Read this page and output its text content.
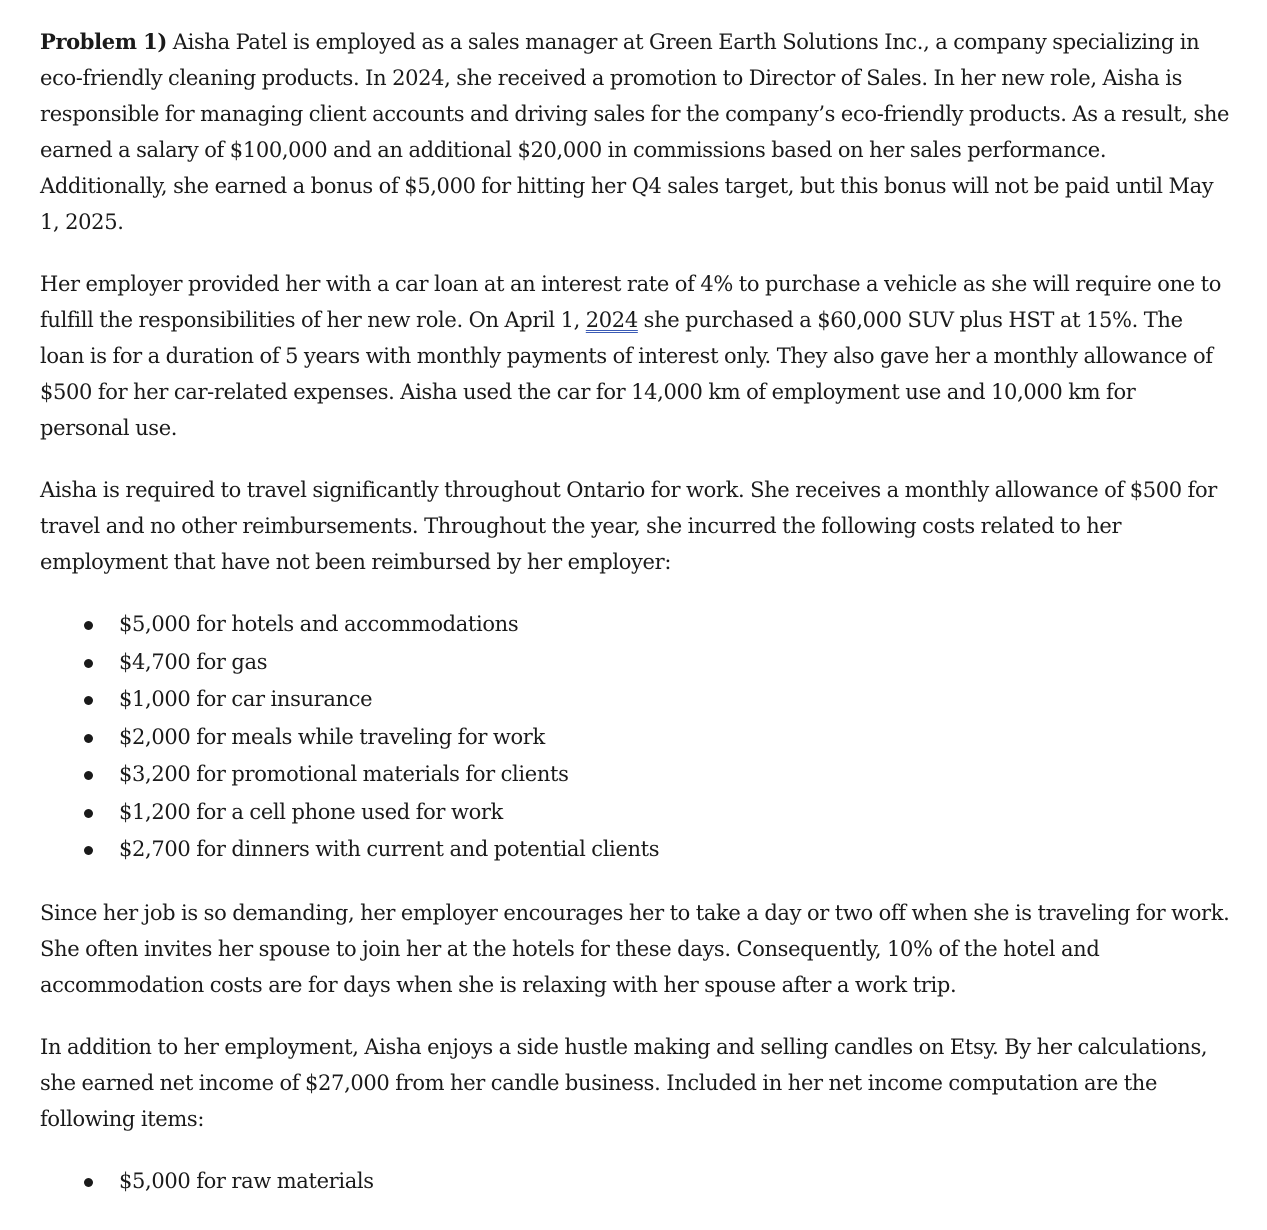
Problem 1) Aisha Patel is employed as a sales manager at Green Earth Solutions Inc., a company specializing in eco-friendly cleaning products. In 2024, she received a promotion to Director of Sales. In her new role, Aisha is responsible for managing client accounts and driving sales for the company’s eco-friendly products. As a result, she earned a salary of $100,000 and an additional $20,000 in commissions based on her sales performance. Additionally, she earned a bonus of $5,000 for hitting her Q4 sales target, but this bonus will not be paid until May 1, 2025.

Her employer provided her with a car loan at an interest rate of 4% to purchase a vehicle as she will require one to fulfill the responsibilities of her new role. On April 1, 2024 she purchased a $60,000 SUV plus HST at 15%. The loan is for a duration of 5 years with monthly payments of interest only. They also gave her a monthly allowance of $500 for her car-related expenses. Aisha used the car for 14,000 km of employment use and 10,000 km for personal use.

Aisha is required to travel significantly throughout Ontario for work. She receives a monthly allowance of $500 for travel and no other reimbursements. Throughout the year, she incurred the following costs related to her employment that have not been reimbursed by her employer:

$5,000 for hotels and accommodations
$4,700 for gas
$1,000 for car insurance
$2,000 for meals while traveling for work
$3,200 for promotional materials for clients
$1,200 for a cell phone used for work
$2,700 for dinners with current and potential clients

Since her job is so demanding, her employer encourages her to take a day or two off when she is traveling for work. She often invites her spouse to join her at the hotels for these days. Consequently, 10% of the hotel and accommodation costs are for days when she is relaxing with her spouse after a work trip.

In addition to her employment, Aisha enjoys a side hustle making and selling candles on Etsy. By her calculations, she earned net income of $27,000 from her candle business. Included in her net income computation are the following items:

$5,000 for raw materials
